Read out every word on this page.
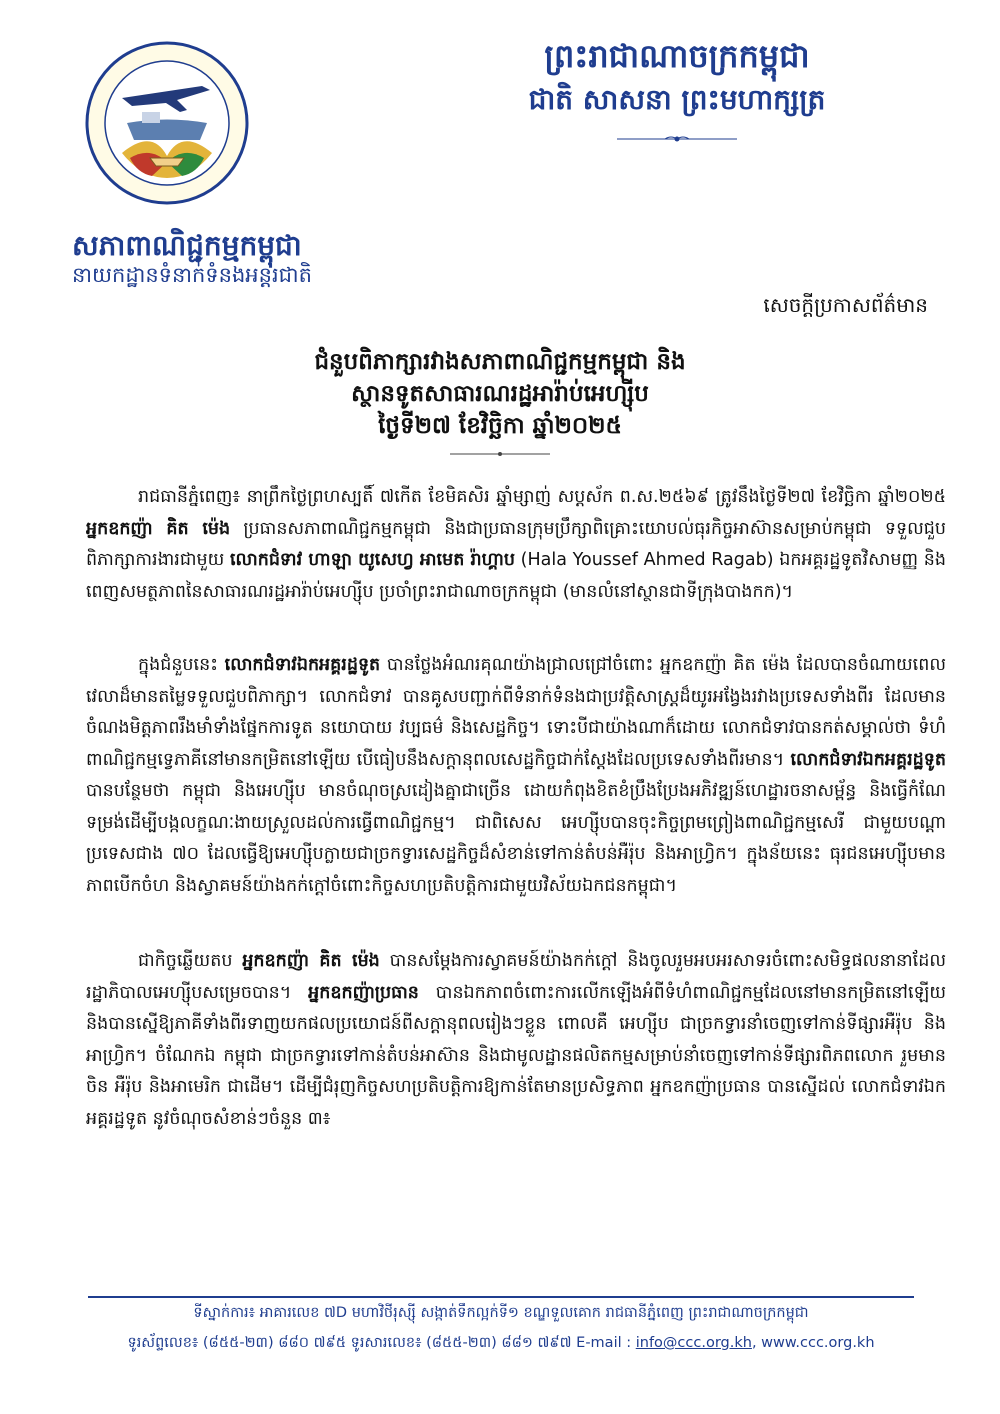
សភាពាណិជ្ជកម្មកម្ពុជា
នាយកដ្ឋានទំនាក់ទំនងអន្តរជាតិ
ព្រះរាជាណាចក្រកម្ពុជា
ជាតិ សាសនា ព្រះមហាក្សត្រ
សេចក្ដីប្រកាសព័ត៌មាន
ជំនួបពិភាក្សារវាងសភាពាណិជ្ជកម្មកម្ពុជា និង
ស្ថានទូតសាធារណរដ្ឋអារ៉ាប់អេហ្ស៊ីប
ថ្ងៃទី២៧ ខែវិច្ឆិកា ឆ្នាំ២០២៥
រាជធានីភ្នំពេញ៖ នាព្រឹកថ្ងៃព្រហស្បតិ៍ ៧កើត ខែមិគសិរ ឆ្នាំម្សាញ់ សប្តស័ក ព.ស.២៥៦៩ ត្រូវនឹងថ្ងៃទី២៧ ខែវិច្ឆិកា ឆ្នាំ២០២៥ អ្នកឧកញ៉ា គិត ម៉េង ប្រធានសភាពាណិជ្ជកម្មកម្ពុជា និងជាប្រធានក្រុមប្រឹក្សាពិគ្រោះយោបល់ធុរកិច្ចអាស៊ានសម្រាប់កម្ពុជា ទទួលជួបពិភាក្សាការងារជាមួយ លោកជំទាវ ហាឡា យូសេហ្វ អាមេត រ៉ាហ្គាប (Hala Youssef Ahmed Ragab) ឯកអគ្គរដ្ឋទូតវិសាមញ្ញ និងពេញសមត្ថភាពនៃសាធារណរដ្ឋអារ៉ាប់អេហ្ស៊ីប ប្រចាំព្រះរាជាណាចក្រកម្ពុជា (មានលំនៅស្ថានជាទីក្រុងបាងកក)។
ក្នុងជំនួបនេះ លោកជំទាវឯកអគ្គរដ្ឋទូត បានថ្លែងអំណរគុណយ៉ាងជ្រាលជ្រៅចំពោះ អ្នកឧកញ៉ា គិត ម៉េង ដែលបានចំណាយពេលវេលាដ៏មានតម្លៃទទួលជួបពិភាក្សា។ លោកជំទាវ បានគូសបញ្ជាក់ពីទំនាក់ទំនងជាប្រវត្តិសាស្ត្រដ៏យូរអង្វែងរវាងប្រទេសទាំងពីរ ដែលមានចំណងមិត្តភាពរឹងមាំទាំងផ្នែកការទូត នយោបាយ វប្បធម៌ និងសេដ្ឋកិច្ច។ ទោះបីជាយ៉ាងណាក៏ដោយ លោកជំទាវបានកត់សម្គាល់ថា ទំហំពាណិជ្ជកម្មទ្វេភាគីនៅមានកម្រិតនៅឡើយ បើធៀបនឹងសក្តានុពលសេដ្ឋកិច្ចជាក់ស្តែងដែលប្រទេសទាំងពីរមាន។ លោកជំទាវឯកអគ្គរដ្ឋទូត បានបន្ថែមថា កម្ពុជា និងអេហ្ស៊ីប មានចំណុចស្រដៀងគ្នាជាច្រើន ដោយកំពុងខិតខំប្រឹងប្រែងអភិវឌ្ឍន៍ហេដ្ឋារចនាសម្ព័ន្ធ និងធ្វើកំណែទម្រង់ដើម្បីបង្កលក្ខណៈងាយស្រួលដល់ការធ្វើពាណិជ្ជកម្ម។ ជាពិសេស អេហ្ស៊ីបបានចុះកិច្ចព្រមព្រៀងពាណិជ្ជកម្មសេរី ជាមួយបណ្តាប្រទេសជាង ៧០ ដែលធ្វើឱ្យអេហ្ស៊ីបក្លាយជាច្រកទ្វារសេដ្ឋកិច្ចដ៏សំខាន់ទៅកាន់តំបន់អឺរ៉ុប និងអាហ្វ្រិក។ ក្នុងន័យនេះ ធុរជនអេហ្ស៊ីបមានភាពបើកចំហ និងស្វាគមន៍យ៉ាងកក់ក្តៅចំពោះកិច្ចសហប្រតិបត្តិការជាមួយវិស័យឯកជនកម្ពុជា។
ជាកិច្ចឆ្លើយតប អ្នកឧកញ៉ា គិត ម៉េង បានសម្តែងការស្វាគមន៍យ៉ាងកក់ក្តៅ និងចូលរួមអបអរសាទរចំពោះសមិទ្ធផលនានាដែលរដ្ឋាភិបាលអេហ្ស៊ីបសម្រេចបាន។ អ្នកឧកញ៉ាប្រធាន បានឯកភាពចំពោះការលើកឡើងអំពីទំហំពាណិជ្ជកម្មដែលនៅមានកម្រិតនៅឡើយ និងបានស្នើឱ្យភាគីទាំងពីរទាញយកផលប្រយោជន៍ពីសក្តានុពលរៀងៗខ្លួន ពោលគឺ អេហ្ស៊ីប ជាច្រកទ្វារនាំចេញទៅកាន់ទីផ្សារអឺរ៉ុប និងអាហ្វ្រិក។ ចំណែកឯ កម្ពុជា ជាច្រកទ្វារទៅកាន់តំបន់អាស៊ាន និងជាមូលដ្ឋានផលិតកម្មសម្រាប់នាំចេញទៅកាន់ទីផ្សារពិភពលោក រួមមាន ចិន អឺរ៉ុប និងអាមេរិក ជាដើម។ ដើម្បីជំរុញកិច្ចសហប្រតិបត្តិការឱ្យកាន់តែមានប្រសិទ្ធភាព អ្នកឧកញ៉ាប្រធាន បានស្នើដល់ លោកជំទាវឯកអគ្គរដ្ឋទូត នូវចំណុចសំខាន់ៗចំនួន ៣៖
ទីស្នាក់ការ៖ អាគារលេខ ៧D មហាវិថីរុស្ស៊ី សង្កាត់ទឹកល្អក់ទី១ ខណ្ឌទួលគោក រាជធានីភ្នំពេញ ព្រះរាជាណាចក្រកម្ពុជា
ទូរស័ព្ទលេខ៖ (៨៥៥-២៣) ៨៨០ ៧៩៥ ទូរសារលេខ៖ (៨៥៥-២៣) ៨៨១ ៧៩៧ E-mail : info@ccc.org.kh, www.ccc.org.kh
